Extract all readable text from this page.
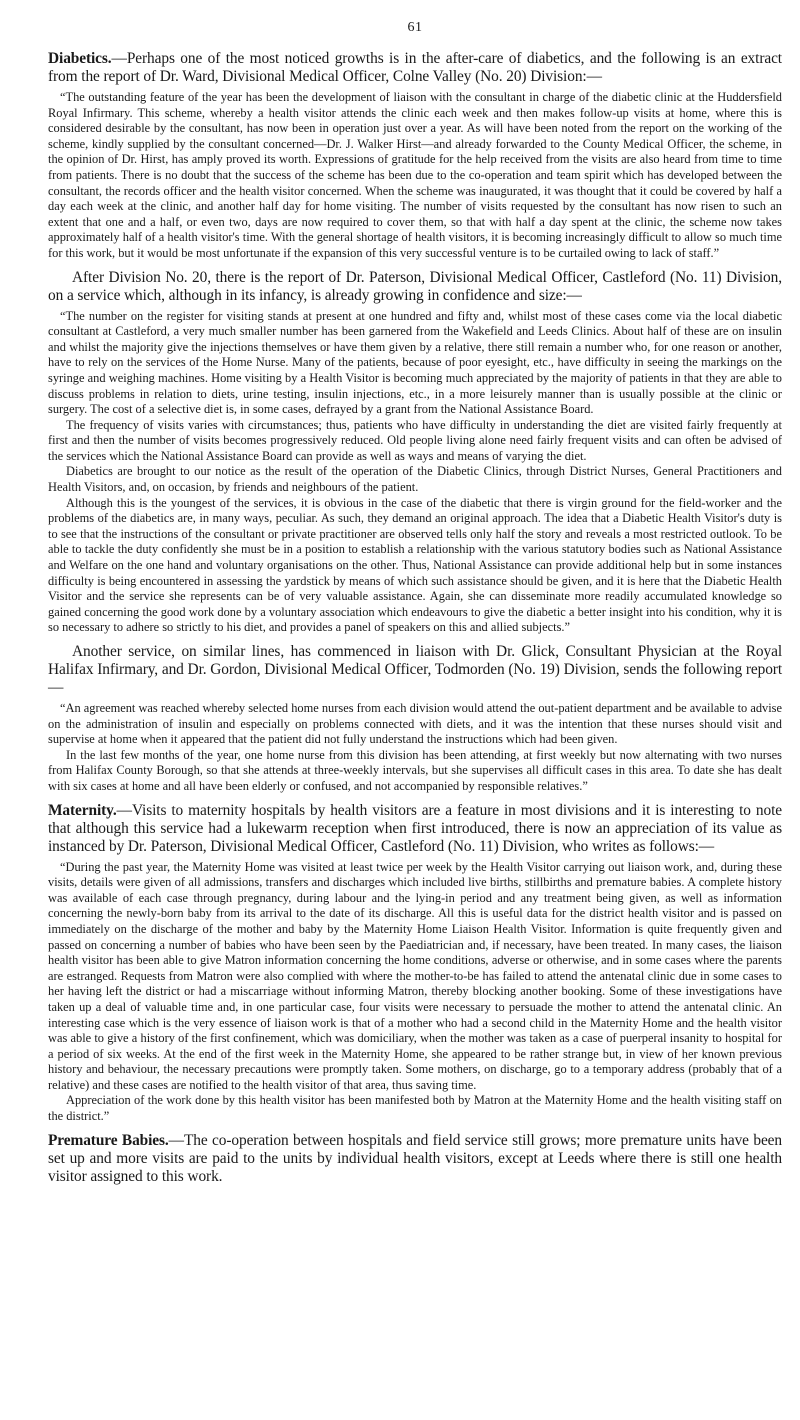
61

Diabetics.—Perhaps one of the most noticed growths is in the after-care of diabetics, and the following is an extract from the report of Dr. Ward, Divisional Medical Officer, Colne Valley (No. 20) Division:—

“The outstanding feature of the year has been the development of liaison with the consultant in charge of the diabetic clinic at the Huddersfield Royal Infirmary. This scheme, whereby a health visitor attends the clinic each week and then makes follow-up visits at home, where this is considered desirable by the consultant, has now been in operation just over a year. As will have been noted from the report on the working of the scheme, kindly supplied by the consultant concerned—Dr. J. Walker Hirst—and already forwarded to the County Medical Officer, the scheme, in the opinion of Dr. Hirst, has amply proved its worth. Expressions of gratitude for the help received from the visits are also heard from time to time from patients. There is no doubt that the success of the scheme has been due to the co-operation and team spirit which has developed between the consultant, the records officer and the health visitor concerned. When the scheme was inaugurated, it was thought that it could be covered by half a day each week at the clinic, and another half day for home visiting. The number of visits requested by the consultant has now risen to such an extent that one and a half, or even two, days are now required to cover them, so that with half a day spent at the clinic, the scheme now takes approximately half of a health visitor's time. With the general shortage of health visitors, it is becoming increasingly difficult to allow so much time for this work, but it would be most unfortunate if the expansion of this very successful venture is to be curtailed owing to lack of staff.”

After Division No. 20, there is the report of Dr. Paterson, Divisional Medical Officer, Castleford (No. 11) Division, on a service which, although in its infancy, is already growing in confidence and size:—

“The number on the register for visiting stands at present at one hundred and fifty and, whilst most of these cases come via the local diabetic consultant at Castleford, a very much smaller number has been garnered from the Wakefield and Leeds Clinics. About half of these are on insulin and whilst the majority give the injections themselves or have them given by a relative, there still remain a number who, for one reason or another, have to rely on the services of the Home Nurse. Many of the patients, because of poor eyesight, etc., have difficulty in seeing the markings on the syringe and weighing machines. Home visiting by a Health Visitor is becoming much appreciated by the majority of patients in that they are able to discuss problems in relation to diets, urine testing, insulin injections, etc., in a more leisurely manner than is usually possible at the clinic or surgery. The cost of a selective diet is, in some cases, defrayed by a grant from the National Assistance Board.

The frequency of visits varies with circumstances; thus, patients who have difficulty in understanding the diet are visited fairly frequently at first and then the number of visits becomes progressively reduced. Old people living alone need fairly frequent visits and can often be advised of the services which the National Assistance Board can provide as well as ways and means of varying the diet.

Diabetics are brought to our notice as the result of the operation of the Diabetic Clinics, through District Nurses, General Practitioners and Health Visitors, and, on occasion, by friends and neighbours of the patient.

Although this is the youngest of the services, it is obvious in the case of the diabetic that there is virgin ground for the field-worker and the problems of the diabetics are, in many ways, peculiar. As such, they demand an original approach. The idea that a Diabetic Health Visitor's duty is to see that the instructions of the consultant or private practitioner are observed tells only half the story and reveals a most restricted outlook. To be able to tackle the duty confidently she must be in a position to establish a relationship with the various statutory bodies such as National Assistance and Welfare on the one hand and voluntary organisations on the other. Thus, National Assistance can provide additional help but in some instances difficulty is being encountered in assessing the yardstick by means of which such assistance should be given, and it is here that the Diabetic Health Visitor and the service she represents can be of very valuable assistance. Again, she can disseminate more readily accumulated knowledge so gained concerning the good work done by a voluntary association which endeavours to give the diabetic a better insight into his condition, why it is so necessary to adhere so strictly to his diet, and provides a panel of speakers on this and allied subjects.”

Another service, on similar lines, has commenced in liaison with Dr. Glick, Consultant Physician at the Royal Halifax Infirmary, and Dr. Gordon, Divisional Medical Officer, Todmorden (No. 19) Division, sends the following report—

“An agreement was reached whereby selected home nurses from each division would attend the out-patient department and be available to advise on the administration of insulin and especially on problems connected with diets, and it was the intention that these nurses should visit and supervise at home when it appeared that the patient did not fully understand the instructions which had been given.

In the last few months of the year, one home nurse from this division has been attending, at first weekly but now alternating with two nurses from Halifax County Borough, so that she attends at three-weekly intervals, but she supervises all difficult cases in this area. To date she has dealt with six cases at home and all have been elderly or confused, and not accompanied by responsible relatives.”

Maternity.—Visits to maternity hospitals by health visitors are a feature in most divisions and it is interesting to note that although this service had a lukewarm reception when first introduced, there is now an appreciation of its value as instanced by Dr. Paterson, Divisional Medical Officer, Castleford (No. 11) Division, who writes as follows:—

“During the past year, the Maternity Home was visited at least twice per week by the Health Visitor carrying out liaison work, and, during these visits, details were given of all admissions, transfers and discharges which included live births, stillbirths and premature babies. A complete history was available of each case through pregnancy, during labour and the lying-in period and any treatment being given, as well as information concerning the newly-born baby from its arrival to the date of its discharge. All this is useful data for the district health visitor and is passed on immediately on the discharge of the mother and baby by the Maternity Home Liaison Health Visitor. Information is quite frequently given and passed on concerning a number of babies who have been seen by the Paediatrician and, if necessary, have been treated. In many cases, the liaison health visitor has been able to give Matron information concerning the home conditions, adverse or otherwise, and in some cases where the parents are estranged. Requests from Matron were also complied with where the mother-to-be has failed to attend the antenatal clinic due in some cases to her having left the district or had a miscarriage without informing Matron, thereby blocking another booking. Some of these investigations have taken up a deal of valuable time and, in one particular case, four visits were necessary to persuade the mother to attend the antenatal clinic. An interesting case which is the very essence of liaison work is that of a mother who had a second child in the Maternity Home and the health visitor was able to give a history of the first confinement, which was domiciliary, when the mother was taken as a case of puerperal insanity to hospital for a period of six weeks. At the end of the first week in the Maternity Home, she appeared to be rather strange but, in view of her known previous history and behaviour, the necessary precautions were promptly taken. Some mothers, on discharge, go to a temporary address (probably that of a relative) and these cases are notified to the health visitor of that area, thus saving time.

Appreciation of the work done by this health visitor has been manifested both by Matron at the Maternity Home and the health visiting staff on the district.”

Premature Babies.—The co-operation between hospitals and field service still grows; more premature units have been set up and more visits are paid to the units by individual health visitors, except at Leeds where there is still one health visitor assigned to this work.
